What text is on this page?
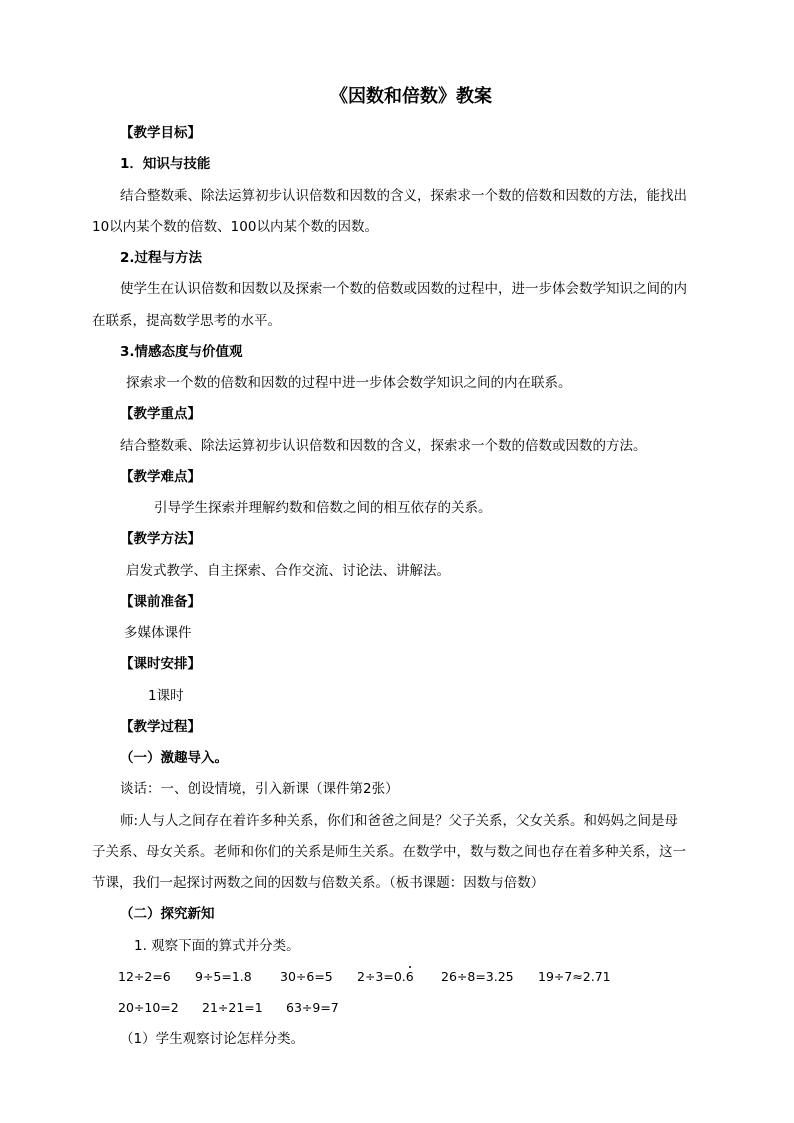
《因数和倍数》教案
【教学目标】
1．知识与技能
结合整数乘、除法运算初步认识倍数和因数的含义，探索求一个数的倍数和因数的方法，能找出
10以内某个数的倍数、100以内某个数的因数。
2.过程与方法
使学生在认识倍数和因数以及探索一个数的倍数或因数的过程中，进一步体会数学知识之间的内
在联系，提高数学思考的水平。
3.情感态度与价值观
探索求一个数的倍数和因数的过程中进一步体会数学知识之间的内在联系。
【教学重点】
结合整数乘、除法运算初步认识倍数和因数的含义，探索求一个数的倍数或因数的方法。
【教学难点】
引导学生探索并理解约数和倍数之间的相互依存的关系。
【教学方法】
启发式教学、自主探索、合作交流、讨论法、讲解法。
【课前准备】
多媒体课件
【课时安排】
1课时
【教学过程】
（一）激趣导入。
谈话：一、创设情境，引入新课（课件第2张）
师:人与人之间存在着许多种关系，你们和爸爸之间是？父子关系，父女关系。和妈妈之间是母
子关系、母女关系。老师和你们的关系是师生关系。在数学中，数与数之间也存在着多种关系，这一
节课，我们一起探讨两数之间的因数与倍数关系。（板书课题：因数与倍数）
（二）探究新知
1. 观察下面的算式并分类。
12÷2=6 9÷5=1.8 30÷6=5 2÷3=0.6 26÷8=3.25 19÷7≈2.71
20÷10=2 21÷21=1 63÷9=7
（1）学生观察讨论怎样分类。
